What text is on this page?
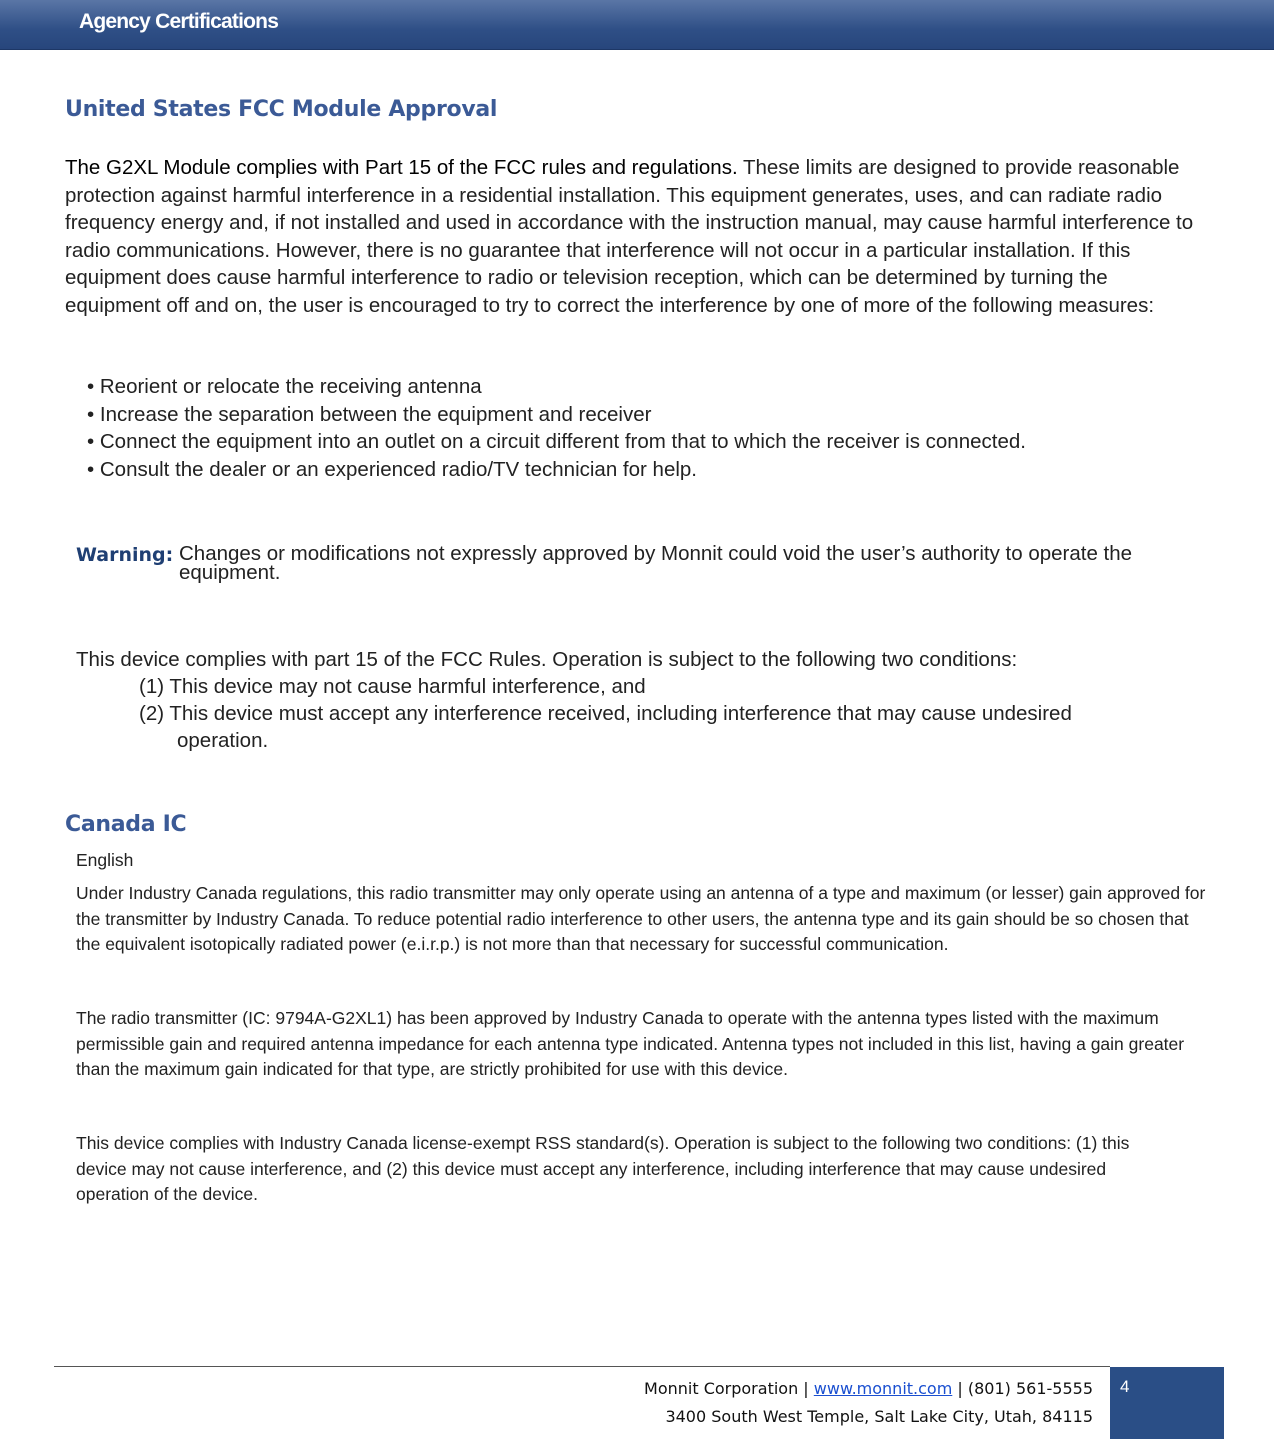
Agency Certifications
United States FCC Module Approval
The G2XL Module complies with Part 15 of the FCC rules and regulations. These limits are designed to provide reasonable protection against harmful interference in a residential installation. This equipment generates, uses, and can radiate radio frequency energy and, if not installed and used in accordance with the instruction manual, may cause harmful interference to radio communications. However, there is no guarantee that interference will not occur in a particular installation. If this equipment does cause harmful interference to radio or television reception, which can be determined by turning the equipment off and on, the user is encouraged to try to correct the interference by one of more of the following measures:
• Reorient or relocate the receiving antenna
• Increase the separation between the equipment and receiver
• Connect the equipment into an outlet on a circuit different from that to which the receiver is connected.
• Consult the dealer or an experienced radio/TV technician for help.
Warning: Changes or modifications not expressly approved by Monnit could void the user’s authority to operate the equipment.
This device complies with part 15 of the FCC Rules. Operation is subject to the following two conditions:
(1) This device may not cause harmful interference, and
(2) This device must accept any interference received, including interference that may cause undesired
operation.
Canada IC
English
Under Industry Canada regulations, this radio transmitter may only operate using an antenna of a type and maximum (or lesser) gain approved for the transmitter by Industry Canada. To reduce potential radio interference to other users, the antenna type and its gain should be so chosen that the equivalent isotopically radiated power (e.i.r.p.) is not more than that necessary for successful communication.
The radio transmitter (IC: 9794A-G2XL1) has been approved by Industry Canada to operate with the antenna types listed with the maximum permissible gain and required antenna impedance for each antenna type indicated. Antenna types not included in this list, having a gain greater than the maximum gain indicated for that type, are strictly prohibited for use with this device.
This device complies with Industry Canada license-exempt RSS standard(s). Operation is subject to the following two conditions: (1) this device may not cause interference, and (2) this device must accept any interference, including interference that may cause undesired operation of the device.
Monnit Corporation | www.monnit.com | (801) 561-5555
3400 South West Temple, Salt Lake City, Utah, 84115
4
